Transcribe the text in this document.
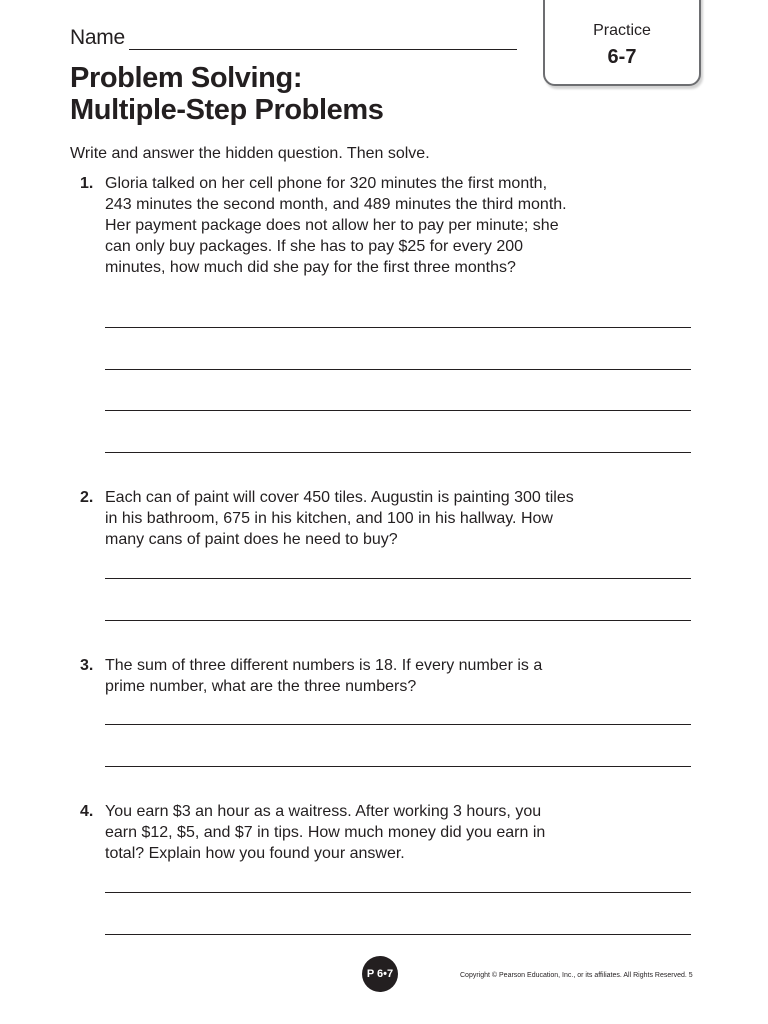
Name	Practice
6-7
Problem Solving:
Multiple-Step Problems
Write and answer the hidden question. Then solve.
1. Gloria talked on her cell phone for 320 minutes the first month, 243 minutes the second month, and 489 minutes the third month. Her payment package does not allow her to pay per minute; she can only buy packages. If she has to pay $25 for every 200 minutes, how much did she pay for the first three months?
2. Each can of paint will cover 450 tiles. Augustin is painting 300 tiles in his bathroom, 675 in his kitchen, and 100 in his hallway. How many cans of paint does he need to buy?
3. The sum of three different numbers is 18. If every number is a prime number, what are the three numbers?
4. You earn $3 an hour as a waitress. After working 3 hours, you earn $12, $5, and $7 in tips. How much money did you earn in total? Explain how you found your answer.
P 6•7	Copyright © Pearson Education, Inc., or its affiliates. All Rights Reserved. 5
